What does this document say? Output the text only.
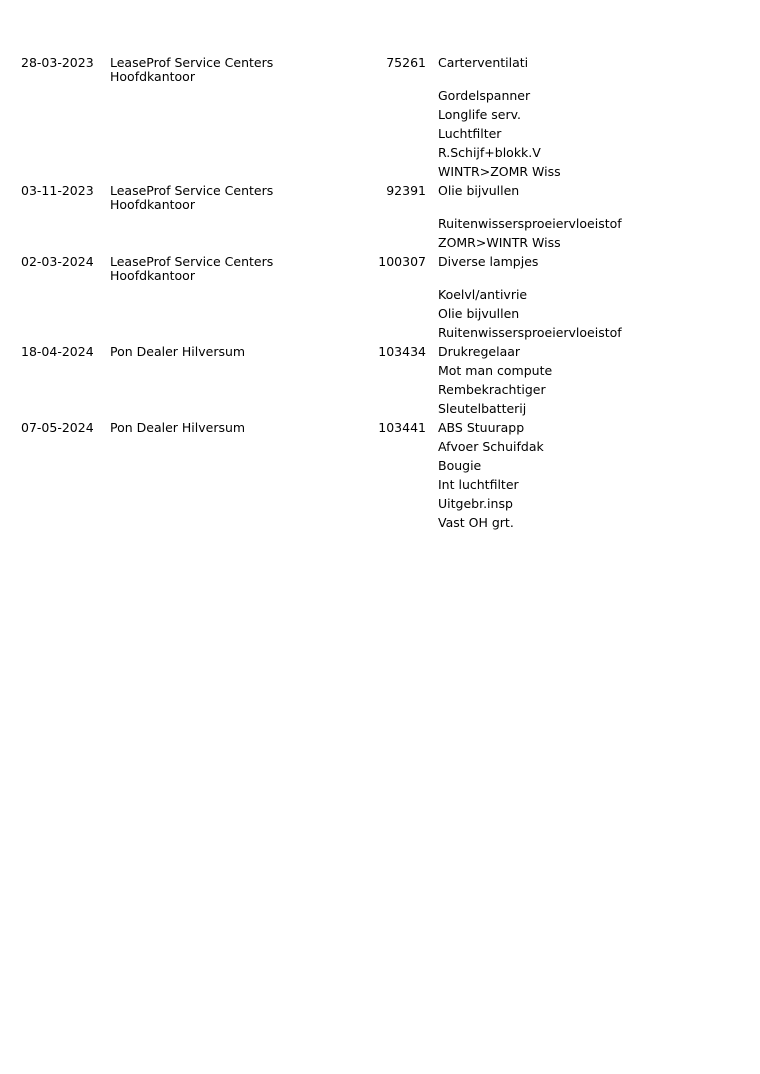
28-03-2023 LeaseProf Service Centers
Hoofdkantoor
75261 Carterventilati
Gordelspanner
Longlife serv.
Luchtfilter
R.Schijf+blokk.V
WINTR>ZOMR Wiss
03-11-2023 LeaseProf Service Centers
Hoofdkantoor
92391 Olie bijvullen
Ruitenwissersproeiervloeistof
ZOMR>WINTR Wiss
02-03-2024 LeaseProf Service Centers
Hoofdkantoor
100307 Diverse lampjes
Koelvl/antivrie
Olie bijvullen
Ruitenwissersproeiervloeistof
18-04-2024 Pon Dealer Hilversum	103434 Drukregelaar
Mot man compute
Rembekrachtiger
Sleutelbatterij
07-05-2024 Pon Dealer Hilversum	103441 ABS Stuurapp
Afvoer Schuifdak
Bougie
Int luchtfilter
Uitgebr.insp
Vast OH grt.
